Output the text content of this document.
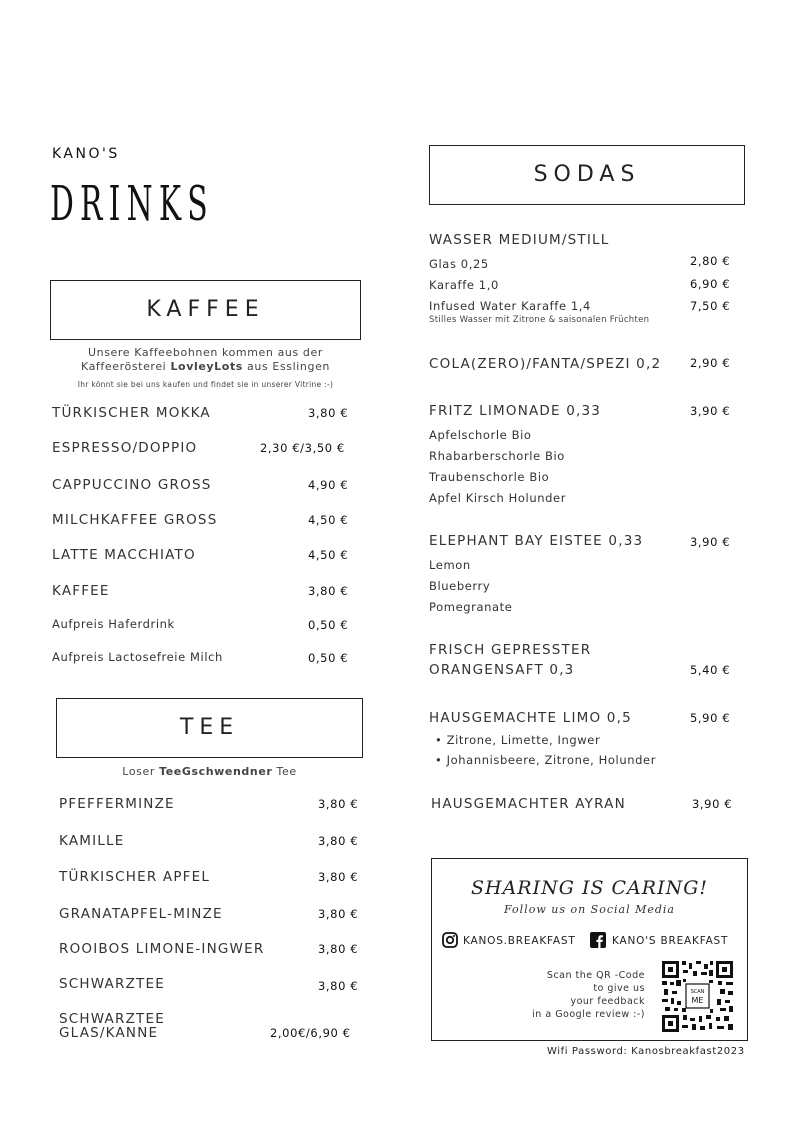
KANO'S
DRINKS
KAFFEE
Unsere Kaffeebohnen kommen aus der
Kaffeerösterei LovleyLots aus Esslingen
Ihr könnt sie bei uns kaufen und findet sie in unserer Vitrine :-)
TÜRKISCHER MOKKA	3,80 €
ESPRESSO/DOPPIO	2,30 €/3,50 €
CAPPUCCINO GROSS	4,90 €
MILCHKAFFEE GROSS	4,50 €
LATTE MACCHIATO	4,50 €
KAFFEE	3,80 €
Aufpreis Haferdrink	0,50 €
Aufpreis Lactosefreie Milch	0,50 €
TEE
Loser TeeGschwendner Tee
PFEFFERMINZE	3,80 €
KAMILLE	3,80 €
TÜRKISCHER APFEL	3,80 €
GRANATAPFEL-MINZE	3,80 €
ROOIBOS LIMONE-INGWER	3,80 €
SCHWARZTEE	3,80 €
SCHWARZTEE
GLAS/KANNE	2,00€/6,90 €
SODAS
WASSER MEDIUM/STILL
Glas 0,25	2,80 €
Karaffe 1,0	6,90 €
Infused Water Karaffe 1,4	7,50 €
Stilles Wasser mit Zitrone & saisonalen Früchten
COLA(ZERO)/FANTA/SPEZI 0,2 2,90 €
FRITZ LIMONADE 0,33	3,90 €
Apfelschorle Bio
Rhabarberschorle Bio
Traubenschorle Bio
Apfel Kirsch Holunder
ELEPHANT BAY EISTEE 0,33	3,90 €
Lemon
Blueberry
Pomegranate
FRISCH GEPRESSTER
ORANGENSAFT 0,3	5,40 €
HAUSGEMACHTE LIMO 0,5	5,90 €
• Zitrone, Limette, Ingwer
• Johannisbeere, Zitrone, Holunder
HAUSGEMACHTER AYRAN	3,90 €
SHARING IS CARING!
Follow us on Social Media
KANOS.BREAKFAST	KANO'S BREAKFAST
Scan the QR -Code
to give us
your feedback
in a Google review :-)
SCAN
ME
Wifi Password: Kanosbreakfast2023
